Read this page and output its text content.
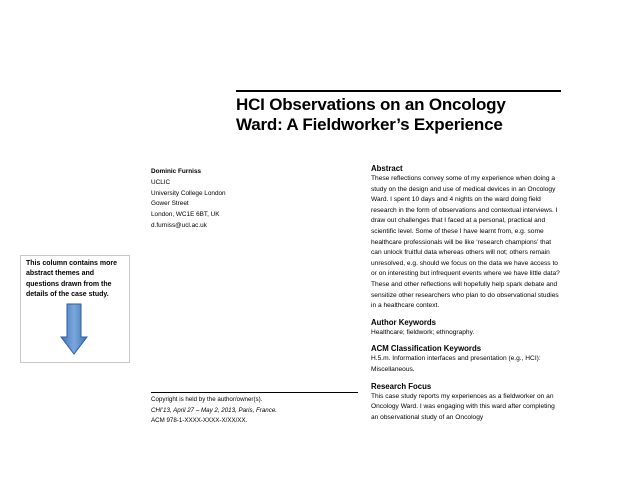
HCI Observations on an Oncology
Ward: A Fieldworker’s Experience
Dominic Furniss
UCLIC
University College London
Gower Street
London, WC1E 6BT, UK
d.furniss@ucl.ac.uk
This column contains more abstract themes and questions drawn from the details of the case study.
Copyright is held by the author/owner(s).
CHI’13, April 27 – May 2, 2013, Paris, France.
ACM 978-1-XXXX-XXXX-X/XX/XX.
Abstract

These reflections convey some of my experience when doing a study on the design and use of medical devices in an Oncology Ward. I spent 10 days and 4 nights on the ward doing field research in the form of observations and contextual interviews. I draw out challenges that I faced at a personal, practical and scientific level. Some of these I have learnt from, e.g. some healthcare professionals will be like ‘research champions’ that can unlock fruitful data whereas others will not; others remain unresolved, e.g. should we focus on the data we have access to or on interesting but infrequent events where we have little data? These and other reflections will hopefully help spark debate and sensitize other researchers who plan to do observational studies in a healthcare context.

Author Keywords

Healthcare; fieldwork; ethnography.

ACM Classification Keywords

H.5.m. Information interfaces and presentation (e.g., HCI): Miscellaneous.

Research Focus

This case study reports my experiences as a fieldworker on an Oncology Ward. I was engaging with this ward after completing an observational study of an Oncology
